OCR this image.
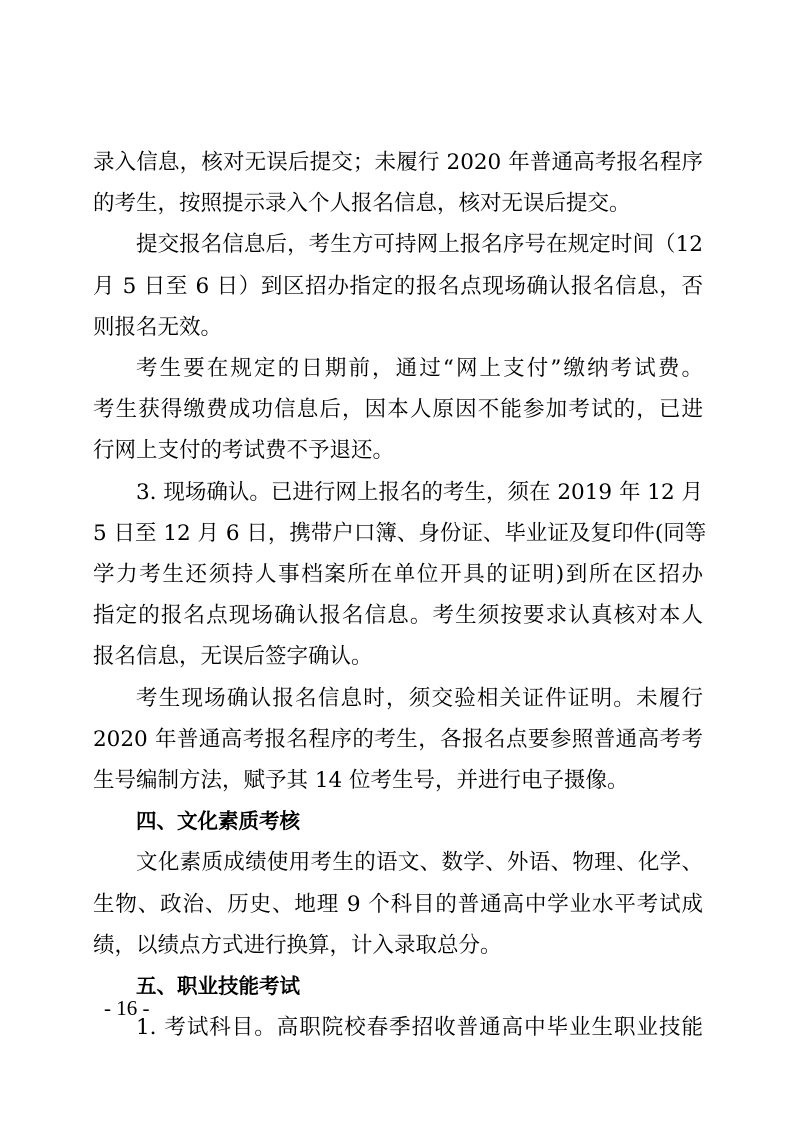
录入信息，核对无误后提交；未履行 2020 年普通高考报名程序
的考生，按照提示录入个人报名信息，核对无误后提交。
提交报名信息后，考生方可持网上报名序号在规定时间（12
月 5 日至 6 日）到区招办指定的报名点现场确认报名信息，否
则报名无效。
考生要在规定的日期前，通过“网上支付”缴纳考试费。
考生获得缴费成功信息后，因本人原因不能参加考试的，已进
行网上支付的考试费不予退还。
3. 现场确认。已进行网上报名的考生，须在 2019 年 12 月
5 日至 12 月 6 日，携带户口簿、身份证、毕业证及复印件(同等
学力考生还须持人事档案所在单位开具的证明)到所在区招办
指定的报名点现场确认报名信息。考生须按要求认真核对本人
报名信息，无误后签字确认。
考生现场确认报名信息时，须交验相关证件证明。未履行
2020 年普通高考报名程序的考生，各报名点要参照普通高考考
生号编制方法，赋予其 14 位考生号，并进行电子摄像。
四、文化素质考核
文化素质成绩使用考生的语文、数学、外语、物理、化学、
生物、政治、历史、地理 9 个科目的普通高中学业水平考试成
绩，以绩点方式进行换算，计入录取总分。
五、职业技能考试
1. 考试科目。高职院校春季招收普通高中毕业生职业技能
- 16 -
